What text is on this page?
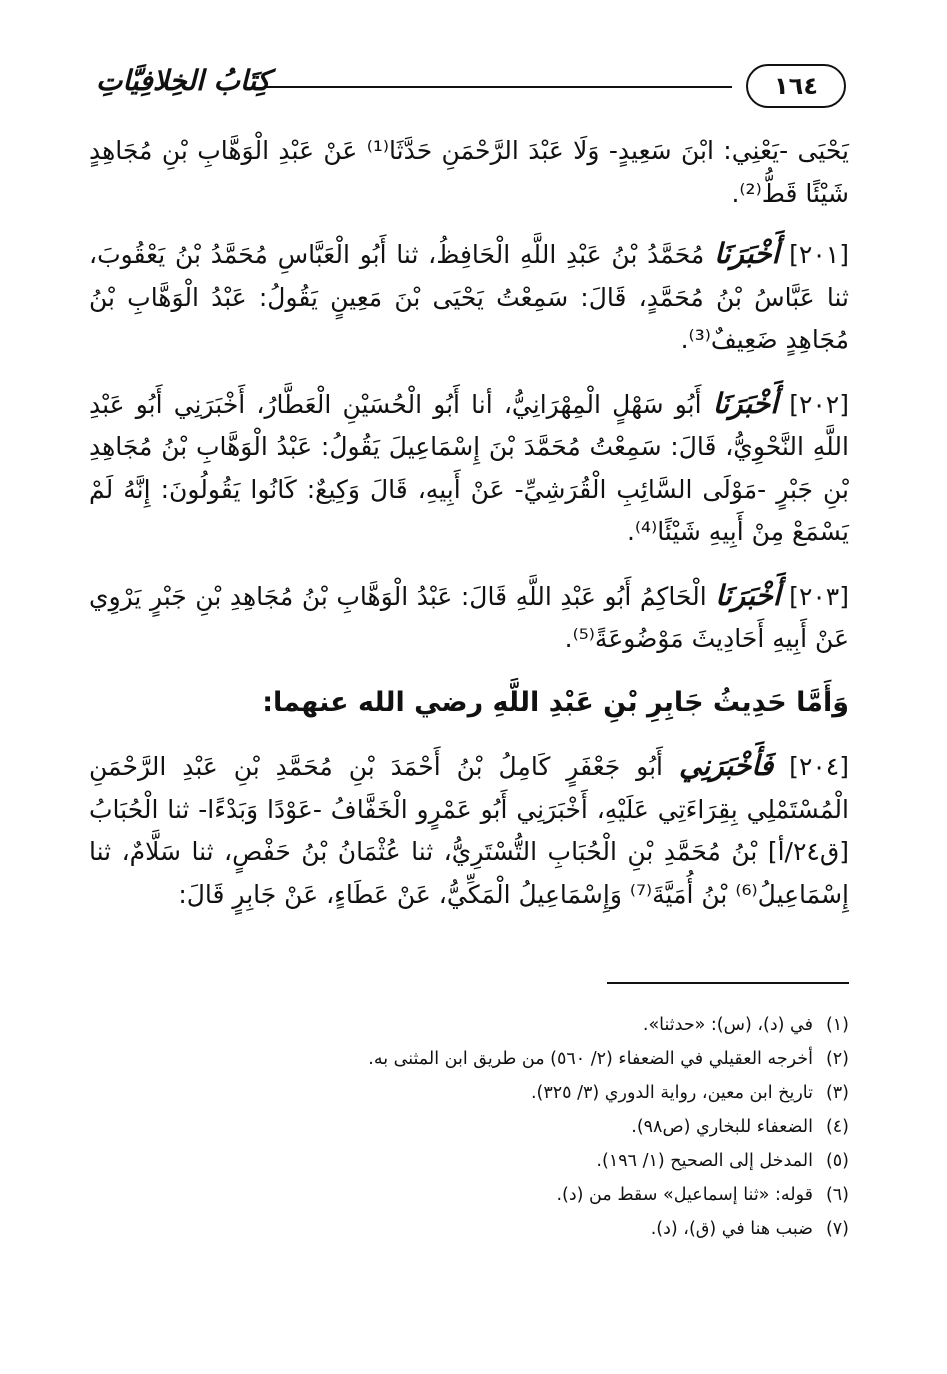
١٦٤
كِتَابُ الخِلافِيَّاتِ

يَحْيَى -يَعْنِي: ابْنَ سَعِيدٍ- وَلَا عَبْدَ الرَّحْمَنِ حَدَّثَا⁽¹⁾ عَنْ عَبْدِ الْوَهَّابِ بْنِ مُجَاهِدٍ شَيْئًا قَطُّ⁽²⁾.

[٢٠١] أَخْبَرَنَا مُحَمَّدُ بْنُ عَبْدِ اللَّهِ الْحَافِظُ، ثنا أَبُو الْعَبَّاسِ مُحَمَّدُ بْنُ يَعْقُوبَ، ثنا عَبَّاسُ بْنُ مُحَمَّدٍ، قَالَ: سَمِعْتُ يَحْيَى بْنَ مَعِينٍ يَقُولُ: عَبْدُ الْوَهَّابِ بْنُ مُجَاهِدٍ ضَعِيفٌ⁽³⁾.

[٢٠٢] أَخْبَرَنَا أَبُو سَهْلٍ الْمِهْرَانِيُّ، أنا أَبُو الْحُسَيْنِ الْعَطَّارُ، أَخْبَرَنِي أَبُو عَبْدِ اللَّهِ النَّحْوِيُّ، قَالَ: سَمِعْتُ مُحَمَّدَ بْنَ إِسْمَاعِيلَ يَقُولُ: عَبْدُ الْوَهَّابِ بْنُ مُجَاهِدِ بْنِ جَبْرٍ -مَوْلَى السَّائِبِ الْقُرَشِيِّ- عَنْ أَبِيهِ، قَالَ وَكِيعٌ: كَانُوا يَقُولُونَ: إِنَّهُ لَمْ يَسْمَعْ مِنْ أَبِيهِ شَيْئًا⁽⁴⁾.

[٢٠٣] أَخْبَرَنَا الْحَاكِمُ أَبُو عَبْدِ اللَّهِ قَالَ: عَبْدُ الْوَهَّابِ بْنُ مُجَاهِدِ بْنِ جَبْرٍ يَرْوِي عَنْ أَبِيهِ أَحَادِيثَ مَوْضُوعَةً⁽⁵⁾.

وَأَمَّا حَدِيثُ جَابِرِ بْنِ عَبْدِ اللَّهِ رضي الله عنهما:

[٢٠٤] فَأَخْبَرَنِي أَبُو جَعْفَرٍ كَامِلُ بْنُ أَحْمَدَ بْنِ مُحَمَّدِ بْنِ عَبْدِ الرَّحْمَنِ الْمُسْتَمْلِي بِقِرَاءَتِي عَلَيْهِ، أَخْبَرَنِي أَبُو عَمْرٍو الْخَفَّافُ -عَوْدًا وَبَدْءًا- ثنا الْحُبَابُ [ق٢٤/أ] بْنُ مُحَمَّدِ بْنِ الْحُبَابِ التُّسْتَرِيُّ، ثنا عُثْمَانُ بْنُ حَفْصٍ، ثنا سَلَّامٌ، ثنا إِسْمَاعِيلُ⁽⁶⁾ بْنُ أُمَيَّةَ⁽⁷⁾ وَإِسْمَاعِيلُ الْمَكِّيُّ، عَنْ عَطَاءٍ، عَنْ جَابِرٍ قَالَ:

(١)في (د)، (س): «حدثنا».
(٢)أخرجه العقيلي في الضعفاء (٢/ ٥٦٠) من طريق ابن المثنى به.
(٣)تاريخ ابن معين، رواية الدوري (٣/ ٣٢٥).
(٤)الضعفاء للبخاري (ص٩٨).
(٥)المدخل إلى الصحيح (١/ ١٩٦).
(٦)قوله: «ثنا إسماعيل» سقط من (د).
(٧)ضبب هنا في (ق)، (د).
